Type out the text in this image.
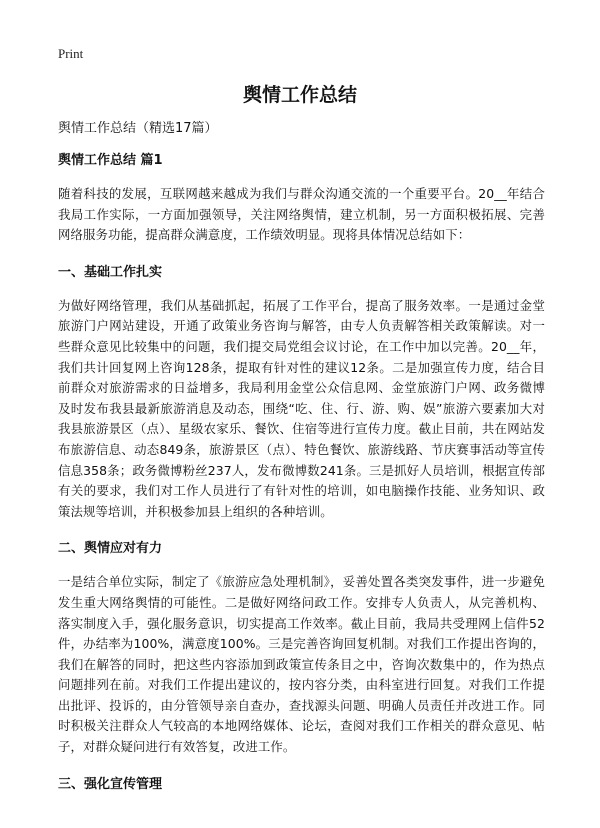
Print
舆情工作总结

舆情工作总结（精选17篇）

舆情工作总结 篇1

随着科技的发展，互联网越来越成为我们与群众沟通交流的一个重要平台。20__年结合我局工作实际，一方面加强领导，关注网络舆情，建立机制，另一方面积极拓展、完善网络服务功能，提高群众满意度，工作绩效明显。现将具体情况总结如下：

一、基础工作扎实

为做好网络管理，我们从基础抓起，拓展了工作平台，提高了服务效率。一是通过金堂旅游门户网站建设，开通了政策业务咨询与解答，由专人负责解答相关政策解读。对一些群众意见比较集中的问题，我们提交局党组会议讨论，在工作中加以完善。20__年，我们共计回复网上咨询128条，提取有针对性的建议12条。二是加强宣传力度，结合目前群众对旅游需求的日益增多，我局利用金堂公众信息网、金堂旅游门户网、政务微博及时发布我县最新旅游消息及动态，围绕“吃、住、行、游、购、娱”旅游六要素加大对我县旅游景区（点）、星级农家乐、餐饮、住宿等进行宣传力度。截止目前，共在网站发布旅游信息、动态849条，旅游景区（点）、特色餐饮、旅游线路、节庆赛事活动等宣传信息358条；政务微博粉丝237人，发布微博数241条。三是抓好人员培训，根据宣传部有关的要求，我们对工作人员进行了有针对性的培训，如电脑操作技能、业务知识、政策法规等培训，并积极参加县上组织的各种培训。

二、舆情应对有力

一是结合单位实际，制定了《旅游应急处理机制》，妥善处置各类突发事件，进一步避免发生重大网络舆情的可能性。二是做好网络问政工作。安排专人负责人，从完善机构、落实制度入手，强化服务意识，切实提高工作效率。截止目前，我局共受理网上信件52件，办结率为100%，满意度100%。三是完善咨询回复机制。对我们工作提出咨询的，我们在解答的同时，把这些内容添加到政策宣传条目之中，咨询次数集中的，作为热点问题排列在前。对我们工作提出建议的，按内容分类，由科室进行回复。对我们工作提出批评、投诉的，由分管领导亲自查办，查找源头问题、明确人员责任并改进工作。同时积极关注群众人气较高的本地网络媒体、论坛，查阅对我们工作相关的群众意见、帖子，对群众疑问进行有效答复，改进工作。

三、强化宣传管理
